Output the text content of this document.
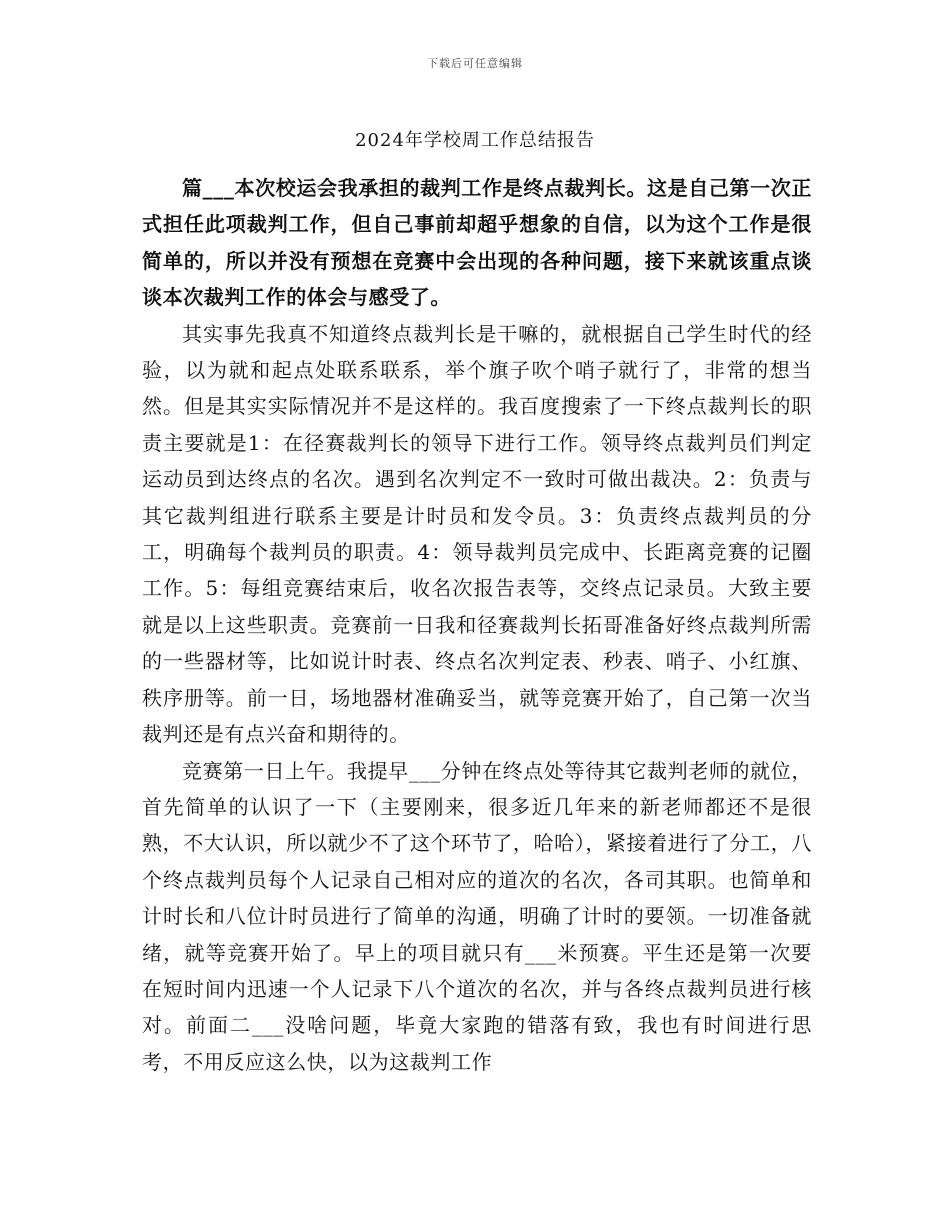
下载后可任意编辑
2024年学校周工作总结报告

篇___本次校运会我承担的裁判工作是终点裁判长。这是自己第一次正式担任此项裁判工作，但自己事前却超乎想象的自信，以为这个工作是很简单的，所以并没有预想在竞赛中会出现的各种问题，接下来就该重点谈谈本次裁判工作的体会与感受了。

其实事先我真不知道终点裁判长是干嘛的，就根据自己学生时代的经验，以为就和起点处联系联系，举个旗子吹个哨子就行了，非常的想当然。但是其实实际情况并不是这样的。我百度搜索了一下终点裁判长的职责主要就是1：在径赛裁判长的领导下进行工作。领导终点裁判员们判定运动员到达终点的名次。遇到名次判定不一致时可做出裁决。2：负责与其它裁判组进行联系主要是计时员和发令员。3：负责终点裁判员的分工，明确每个裁判员的职责。4：领导裁判员完成中、长距离竞赛的记圈工作。5：每组竞赛结束后，收名次报告表等，交终点记录员。大致主要就是以上这些职责。竞赛前一日我和径赛裁判长拓哥准备好终点裁判所需的一些器材等，比如说计时表、终点名次判定表、秒表、哨子、小红旗、秩序册等。前一日，场地器材准确妥当，就等竞赛开始了，自己第一次当裁判还是有点兴奋和期待的。

竞赛第一日上午。我提早___分钟在终点处等待其它裁判老师的就位，首先简单的认识了一下（主要刚来，很多近几年来的新老师都还不是很熟，不大认识，所以就少不了这个环节了，哈哈），紧接着进行了分工，八个终点裁判员每个人记录自己相对应的道次的名次，各司其职。也简单和计时长和八位计时员进行了简单的沟通，明确了计时的要领。一切准备就绪，就等竞赛开始了。早上的项目就只有___米预赛。平生还是第一次要在短时间内迅速一个人记录下八个道次的名次，并与各终点裁判员进行核对。前面二___没啥问题，毕竟大家跑的错落有致，我也有时间进行思考，不用反应这么快，以为这裁判工作
